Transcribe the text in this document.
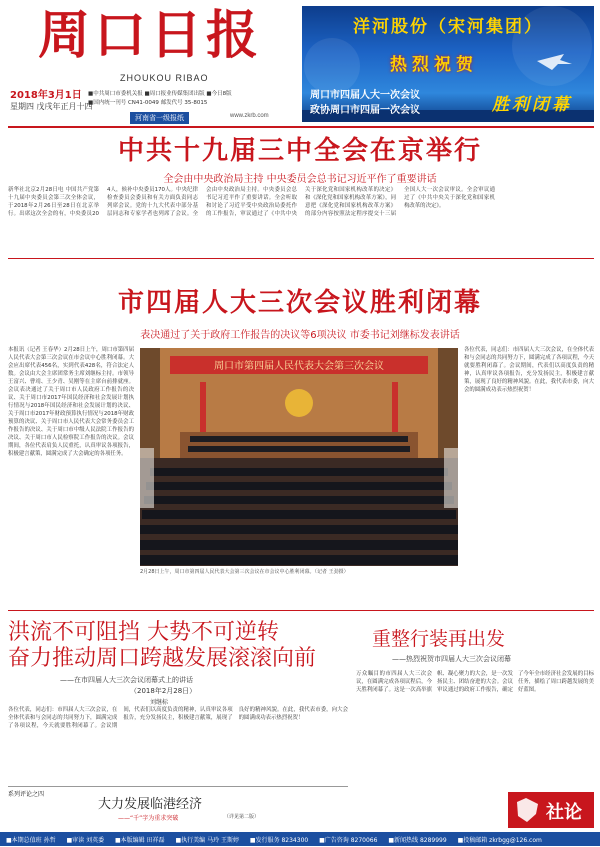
周口日报
ZHOUKOU RIBAO
2018年3月1日
星期四 戊戌年正月十四
■中共周口市委机关报 ■周口报业传媒集团出版 ■今日8版
■国内统一刊号 CN41-0049 邮发代号 35-8015
河南省一级报纸	www.zkrb.com
洋河股份（宋河集团）
热烈祝贺
周口市四届人大一次会议
政协周口市四届一次会议	胜利闭幕
中共十九届三中全会在京举行
全会由中央政治局主持 中央委员会总书记习近平作了重要讲话
新华社北京2月28日电 中国共产党第十九届中央委员会第三次全体会议，于2018年2月26日至28日在北京举行。出席这次全会的有，中央委员204人，候补中央委员170人。中央纪律检查委员会委员和有关方面负责同志列席会议。党的十九大代表中部分基层同志和专家学者也列席了会议。全会由中央政治局主持。中央委员会总书记习近平作了重要讲话。全会听取和讨论了习近平受中央政治局委托作的工作报告，审议通过了《中共中央关于深化党和国家机构改革的决定》和《深化党和国家机构改革方案》，同意把《深化党和国家机构改革方案》的部分内容按照法定程序提交十三届全国人大一次会议审议。全会审议通过了《中共中央关于深化党和国家机构改革的决定》。
市四届人大三次会议胜利闭幕
表决通过了关于政府工作报告的决议等6项决议 市委书记刘继标发表讲话
本报讯（记者 王春华）2月28日上午，周口市第四届人民代表大会第三次会议在市会议中心胜利闭幕。大会应出席代表456名，实到代表428名，符合法定人数。会议由大会主席团常务主席刘继标主持。市领导王富兴、曹靖、王少青、吴刚等在主席台前排就座。会议表决通过了关于周口市人民政府工作报告的决议、关于周口市2017年国民经济和社会发展计划执行情况与2018年国民经济和社会发展计划的决议、关于周口市2017年财政预算执行情况与2018年财政预算的决议、关于周口市人民代表大会常务委员会工作报告的决议、关于周口市中级人民法院工作报告的决议、关于周口市人民检察院工作报告的决议。会议期间，各位代表肩负人民重托，认真审议各项报告，积极建言献策，圆满完成了大会确定的各项任务。
各位代表，同志们：市四届人大三次会议，在全体代表和与会同志的共同努力下，圆满完成了各项议程，今天就要胜利闭幕了。会议期间，代表们以高度负责的精神，认真审议各项报告，充分发扬民主，积极建言献策，展现了良好的精神风貌。在此，我代表市委，向大会的圆满成功表示热烈祝贺！
周口市第四届人民代表大会第三次会议
2月28日上午，周口市第四届人民代表大会第三次会议在市会议中心胜利闭幕。（记者 王劲摄）
洪流不可阻挡 大势不可逆转
奋力推动周口跨越发展滚滚向前
——在市四届人大三次会议闭幕式上的讲话
（2018年2月28日）
刘继标
各位代表，同志们：市四届人大三次会议，在全体代表和与会同志的共同努力下，圆满完成了各项议程，今天就要胜利闭幕了。会议期间，代表们以高度负责的精神，认真审议各项报告，充分发扬民主，积极建言献策，展现了良好的精神风貌。在此，我代表市委，向大会的圆满成功表示热烈祝贺！
系列评论之四
大力发展临港经济
——“千”字为重求突破	（详见第二版）
重整行装再出发
——热烈祝贺市四届人大三次会议闭幕
万众瞩目的市四届人大三次会议，在圆满完成各项议程后，今天胜利闭幕了。这是一次高举旗帜、凝心聚力的大会，是一次发扬民主、团结奋进的大会。会议审议通过的政府工作报告，确定了今年全市经济社会发展的目标任务，描绘了周口跨越发展的美好蓝图。
社论
■本期总值班 孙哲 ■审读 刘英委 ■本版编辑 田祥磊 ■执行美编 马玲 王斯婷 ■发行服务 8234300 ■广告咨询 8270066 ■新闻热线 8289999 ■投稿邮箱 zkrbgg@126.com
